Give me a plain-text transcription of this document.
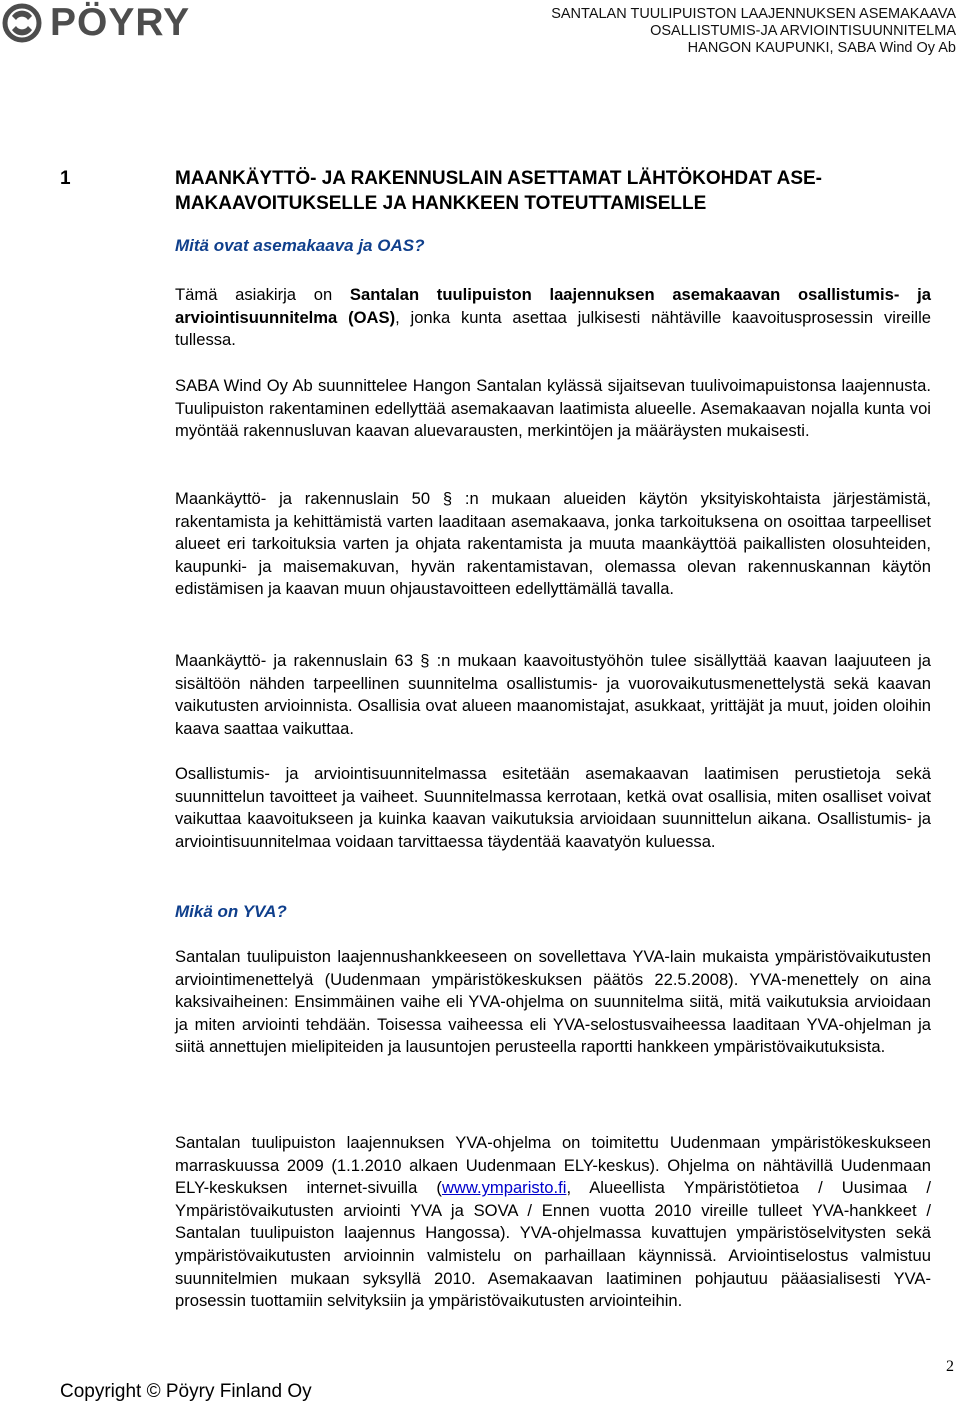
PÖYRY	SANTALAN TUULIPUISTON LAAJENNUKSEN ASEMAKAAVA
OSALLISTUMIS-JA ARVIOINTISUUNNITELMA
HANGON KAUPUNKI, SABA Wind Oy Ab
1	MAANKÄYTTÖ- JA RAKENNUSLAIN ASETTAMAT LÄHTÖKOHDAT ASE-
MAKAAVOITUKSELLE JA HANKKEEN TOTEUTTAMISELLE
Mitä ovat asemakaava ja OAS?

Tämä asiakirja on Santalan tuulipuiston laajennuksen asemakaavan osallistumis- ja arviointisuunnitelma (OAS), jonka kunta asettaa julkisesti nähtäville kaavoitusprosessin vireille tullessa.

SABA Wind Oy Ab suunnittelee Hangon Santalan kylässä sijaitsevan tuulivoimapuistonsa laajennusta. Tuulipuiston rakentaminen edellyttää asemakaavan laatimista alueelle. Asemakaavan nojalla kunta voi myöntää rakennusluvan kaavan aluevarausten, merkintöjen ja määräysten mukaisesti.

Maankäyttö- ja rakennuslain 50 § :n mukaan alueiden käytön yksityiskohtaista järjestämistä, rakentamista ja kehittämistä varten laaditaan asemakaava, jonka tarkoituksena on osoittaa tarpeelliset alueet eri tarkoituksia varten ja ohjata rakentamista ja muuta maankäyttöä paikallisten olosuhteiden, kaupunki- ja maisemakuvan, hyvän rakentamistavan, olemassa olevan rakennuskannan käytön edistämisen ja kaavan muun ohjaustavoitteen edellyttämällä tavalla.

Maankäyttö- ja rakennuslain 63 § :n mukaan kaavoitustyöhön tulee sisällyttää kaavan laajuuteen ja sisältöön nähden tarpeellinen suunnitelma osallistumis- ja vuorovaikutusmenettelystä sekä kaavan vaikutusten arvioinnista. Osallisia ovat alueen maanomistajat, asukkaat, yrittäjät ja muut, joiden oloihin kaava saattaa vaikuttaa.

Osallistumis- ja arviointisuunnitelmassa esitetään asemakaavan laatimisen perustietoja sekä suunnittelun tavoitteet ja vaiheet. Suunnitelmassa kerrotaan, ketkä ovat osallisia, miten osalliset voivat vaikuttaa kaavoitukseen ja kuinka kaavan vaikutuksia arvioidaan suunnittelun aikana. Osallistumis- ja arviointisuunnitelmaa voidaan tarvittaessa täydentää kaavatyön kuluessa.

Mikä on YVA?

Santalan tuulipuiston laajennushankkeeseen on sovellettava YVA-lain mukaista ympäristövaikutusten arviointimenettelyä (Uudenmaan ympäristökeskuksen päätös 22.5.2008). YVA-menettely on aina kaksivaiheinen: Ensimmäinen vaihe eli YVA-ohjelma on suunnitelma siitä, mitä vaikutuksia arvioidaan ja miten arviointi tehdään. Toisessa vaiheessa eli YVA-selostusvaiheessa laaditaan YVA-ohjelman ja siitä annettujen mielipiteiden ja lausuntojen perusteella raportti hankkeen ympäristövaikutuksista.

Santalan tuulipuiston laajennuksen YVA-ohjelma on toimitettu Uudenmaan ympäristökeskukseen marraskuussa 2009 (1.1.2010 alkaen Uudenmaan ELY-keskus). Ohjelma on nähtävillä Uudenmaan ELY-keskuksen internet-sivuilla (www.ymparisto.fi, Alueellista Ympäristötietoa / Uusimaa / Ympäristövaikutusten arviointi YVA ja SOVA / Ennen vuotta 2010 vireille tulleet YVA-hankkeet / Santalan tuulipuiston laajennus Hangossa). YVA-ohjelmassa kuvattujen ympäristöselvitysten sekä ympäristövaikutusten arvioinnin valmistelu on parhaillaan käynnissä. Arviointiselostus valmistuu suunnitelmien mukaan syksyllä 2010. Asemakaavan laatiminen pohjautuu pääasialisesti YVA-prosessin tuottamiin selvityksiin ja ympäristövaikutusten arviointeihin.

2
Copyright © Pöyry Finland Oy
